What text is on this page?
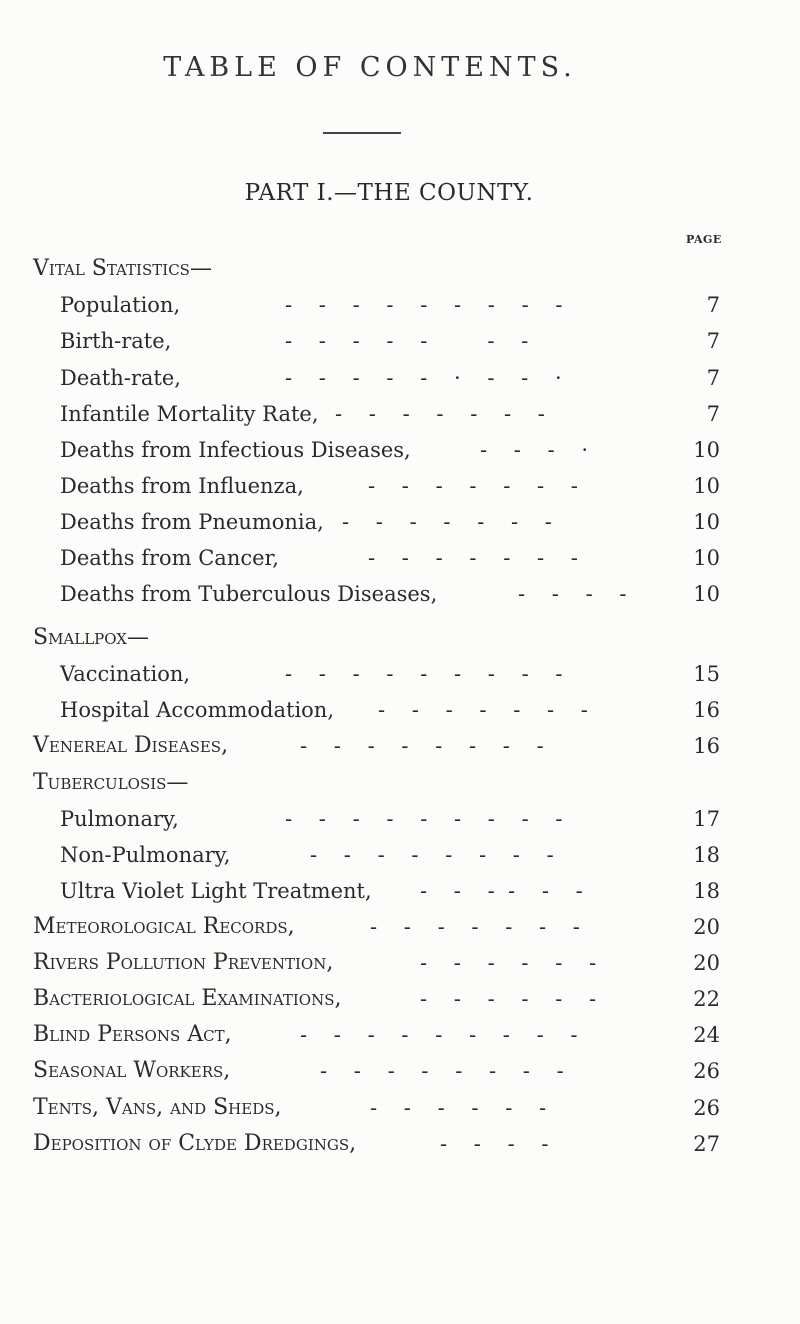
TABLE OF CONTENTS.
PART I.—THE COUNTY.
PAGE
Vital Statistics—
Population,	-    -    -    -    -    -    -    -    -	7
Birth-rate,	-    -    -    -    -         -    -	7
Death-rate,	-    -    -    -    -    ·    -    -    ·	7
Infantile Mortality Rate, -    -    -    -    -    -    -	7
Deaths from Infectious Diseases,	-    -    -    ·	10
Deaths from Influenza,	-    -    -    -    -    -    -	10
Deaths from Pneumonia, -    -    -    -    -    -    -	10
Deaths from Cancer,	-    -    -    -    -    -    -	10
Deaths from Tuberculous Diseases,	-    -    -    -	10
Smallpox—
Vaccination,	-    -    -    -    -    -    -    -    -	15
Hospital Accommodation, -    -    -    -    -    -    -	16
Venereal Diseases,	-    -    -    -    -    -    -    -	16
Tuberculosis—
Pulmonary,	-    -    -    -    -    -    -    -    -	17
Non-Pulmonary,	-    -    -    -    -    -    -    -	18
Ultra Violet Light Treatment, -    -    -  -    -    -	18
Meteorological Records,	-    -    -    -    -    -    -	20
Rivers Pollution Prevention,	-    -    -    -    -    -	20
Bacteriological Examinations,	-    -    -    -    -    -	22
Blind Persons Act,	-    -    -    -    -    -    -    -    -	24
Seasonal Workers,	-    -    -    -    -    -    -    -	26
Tents, Vans, and Sheds,	-    -    -    -    -    -	26
Deposition of Clyde Dredgings,	-    -    -    -	27
